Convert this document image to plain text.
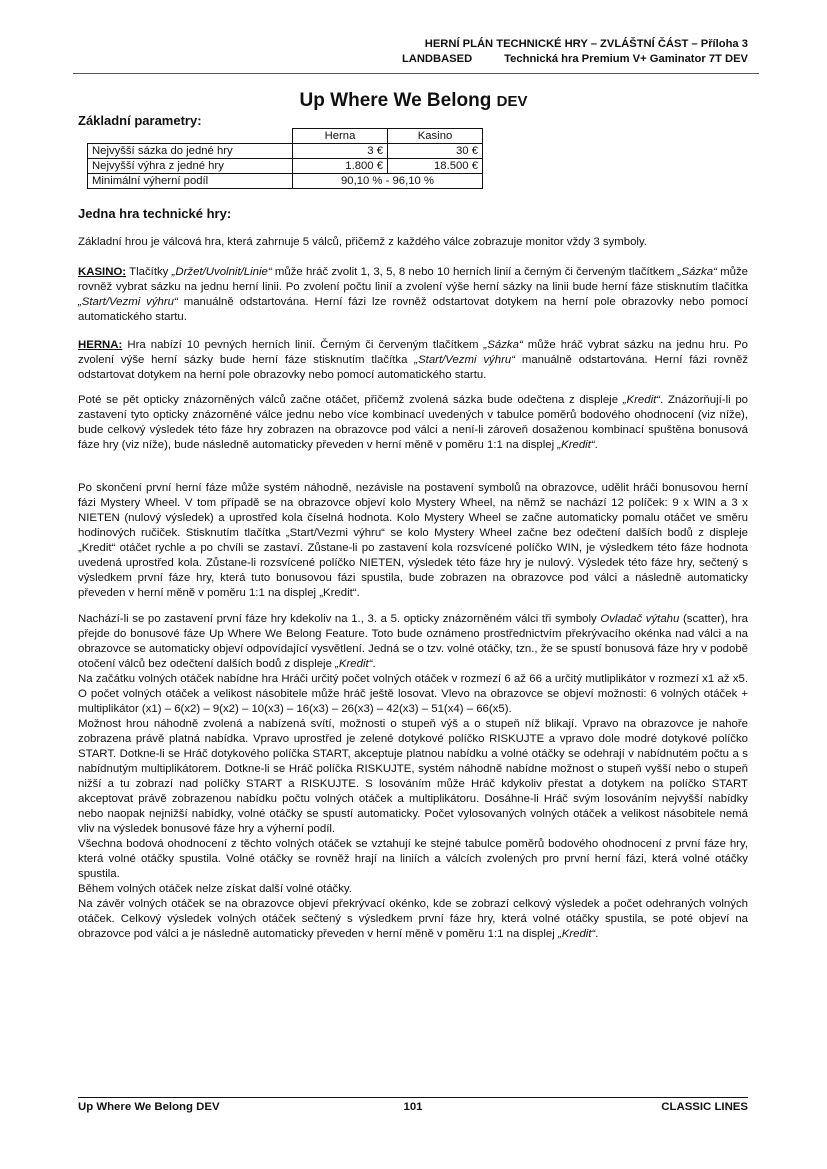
HERNÍ PLÁN TECHNICKÉ HRY – ZVLÁŠTNÍ ČÁST – Příloha 3
LANDBASED	Technická hra Premium V+ Gaminator 7T DEV
Up Where We Belong DEV
Základní parametry:
	Herna	Kasino
Nejvyšší sázka do jedné hry	3 €	30 €
Nejvyšší výhra z jedné hry	1.800 €	18.500 €
Minimální výherní podíl	90,10 % - 96,10 %	
Jedna hra technické hry:

Základní hrou je válcová hra, která zahrnuje 5 válců, přičemž z každého válce zobrazuje monitor vždy 3 symboly.

KASINO: Tlačítky „Držet/Uvolnit/Linie“ může hráč zvolit 1, 3, 5, 8 nebo 10 herních linií a černým či červeným tlačítkem „Sázka“ může rovněž vybrat sázku na jednu herní linii. Po zvolení počtu linií a zvolení výše herní sázky na linii bude herní fáze stisknutím tlačítka „Start/Vezmi výhru“ manuálně odstartována. Herní fázi lze rovněž odstartovat dotykem na herní pole obrazovky nebo pomocí automatického startu.

HERNA: Hra nabízí 10 pevných herních linií. Černým či červeným tlačítkem „Sázka“ může hráč vybrat sázku na jednu hru. Po zvolení výše herní sázky bude herní fáze stisknutím tlačítka „Start/Vezmi výhru“ manuálně odstartována. Herní fázi rovněž odstartovat dotykem na herní pole obrazovky nebo pomocí automatického startu.

Poté se pět opticky znázorněných válců začne otáčet, přičemž zvolená sázka bude odečtena z displeje „Kredit“. Znázorňují-li po zastavení tyto opticky znázorněné válce jednu nebo více kombinací uvedených v tabulce poměrů bodového ohodnocení (viz níže), bude celkový výsledek této fáze hry zobrazen na obrazovce pod válci a není-li zároveň dosaženou kombinací spuštěna bonusová fáze hry (viz níže), bude následně automaticky převeden v herní měně v poměru 1:1 na displej „Kredit“.

Po skončení první herní fáze může systém náhodně, nezávisle na postavení symbolů na obrazovce, udělit hráči bonusovou herní fázi Mystery Wheel. V tom případě se na obrazovce objeví kolo Mystery Wheel, na němž se nachází 12 políček: 9 x WIN a 3 x NIETEN (nulový výsledek) a uprostřed kola číselná hodnota. Kolo Mystery Wheel se začne automaticky pomalu otáčet ve směru hodinových ručiček. Stisknutím tlačítka „Start/Vezmi výhru“ se kolo Mystery Wheel začne bez odečtení dalších bodů z displeje „Kredit“ otáčet rychle a po chvíli se zastaví. Zůstane-li po zastavení kola rozsvícené políčko WIN, je výsledkem této fáze hodnota uvedená uprostřed kola. Zůstane-li rozsvícené políčko NIETEN, výsledek této fáze hry je nulový. Výsledek této fáze hry, sečtený s výsledkem první fáze hry, která tuto bonusovou fázi spustila, bude zobrazen na obrazovce pod válci a následně automaticky převeden v herní měně v poměru 1:1 na displej „Kredit“.

Nachází-li se po zastavení první fáze hry kdekoliv na 1., 3. a 5. opticky znázorněném válci tři symboly Ovladač výtahu (scatter), hra přejde do bonusové fáze Up Where We Belong Feature. Toto bude oznámeno prostřednictvím překrývacího okénka nad válci a na obrazovce se automaticky objeví odpovídající vysvětlení. Jedná se o tzv. volné otáčky, tzn., že se spustí bonusová fáze hry v podobě otočení válců bez odečtení dalších bodů z displeje „Kredit“.

Na začátku volných otáček nabídne hra Hráči určitý počet volných otáček v rozmezí 6 až 66 a určitý mutliplikátor v rozmezí x1 až x5. O počet volných otáček a velikost násobitele může hráč ještě losovat. Vlevo na obrazovce se objeví možnosti: 6 volných otáček + multiplikátor (x1) – 6(x2) – 9(x2) – 10(x3) – 16(x3) – 26(x3) – 42(x3) – 51(x4) – 66(x5).

Možnost hrou náhodně zvolená a nabízená svítí, možnosti o stupeň výš a o stupeň níž blikají. Vpravo na obrazovce je nahoře zobrazena právě platná nabídka. Vpravo uprostřed je zelené dotykové políčko RISKUJTE a vpravo dole modré dotykové políčko START. Dotkne-li se Hráč dotykového políčka START, akceptuje platnou nabídku a volné otáčky se odehrají v nabídnutém počtu a s nabídnutým multiplikátorem. Dotkne-li se Hráč políčka RISKUJTE, systém náhodně nabídne možnost o stupeň vyšší nebo o stupeň nižší a tu zobrazí nad políčky START a RISKUJTE. S losováním může Hráč kdykoliv přestat a dotykem na políčko START akceptovat právě zobrazenou nabídku počtu volných otáček a multiplikátoru. Dosáhne-li Hráč svým losováním nejvyšší nabídky nebo naopak nejnižší nabídky, volné otáčky se spustí automaticky. Počet vylosovaných volných otáček a velikost násobitele nemá vliv na výsledek bonusové fáze hry a výherní podíl.

Všechna bodová ohodnocení z těchto volných otáček se vztahují ke stejné tabulce poměrů bodového ohodnocení z první fáze hry, která volné otáčky spustila. Volné otáčky se rovněž hrají na liniích a válcích zvolených pro první herní fázi, která volné otáčky spustila.

Během volných otáček nelze získat další volné otáčky.

Na závěr volných otáček se na obrazovce objeví překrývací okénko, kde se zobrazí celkový výsledek a počet odehraných volných otáček. Celkový výsledek volných otáček sečtený s výsledkem první fáze hry, která volné otáčky spustila, se poté objeví na obrazovce pod válci a je následně automaticky převeden v herní měně v poměru 1:1 na displej „Kredit“.

Up Where We Belong DEV	101	CLASSIC LINES
